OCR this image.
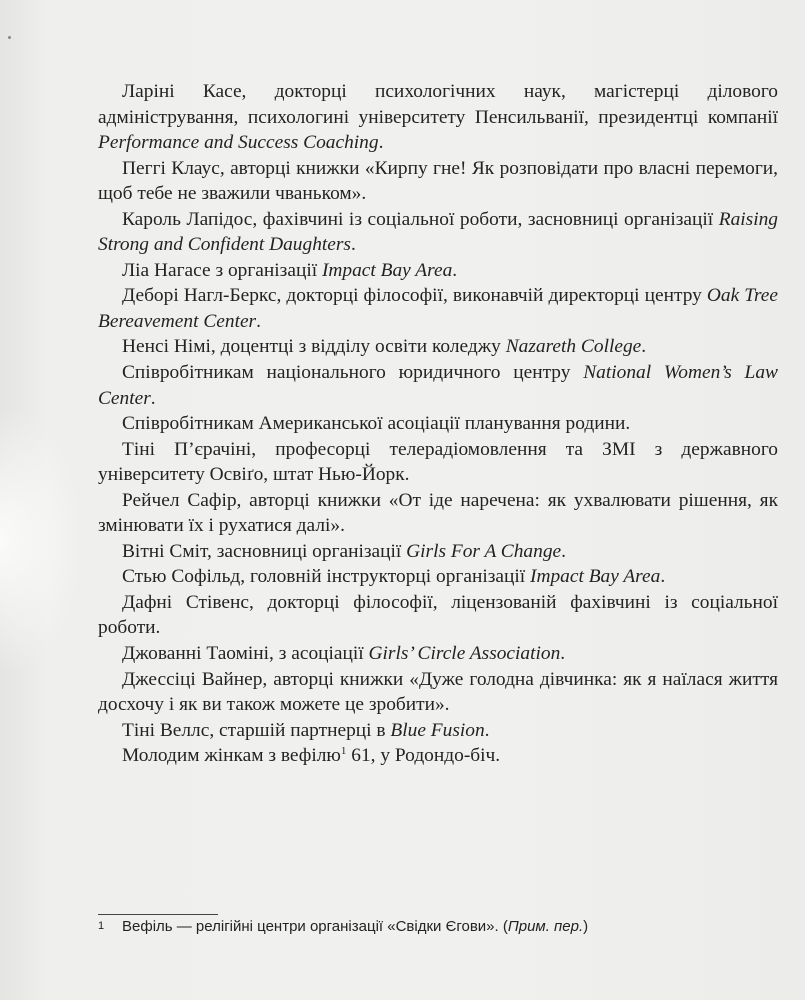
Ларіні Касе, докторці психологічних наук, магістерці ділового адміністрування, психологині університету Пенсильванії, президентці компанії Performance and Success Coaching.

Пеггі Клаус, авторці книжки «Кирпу гне! Як розповідати про власні перемоги, щоб тебе не зважили чваньком».

Кароль Лапідос, фахівчині із соціальної роботи, засновниці організації Raising Strong and Confident Daughters.

Ліа Нагасе з організації Impact Bay Area.

Деборі Нагл-Беркс, докторці філософії, виконавчій директорці центру Oak Tree Bereavement Center.

Ненсі Німі, доцентці з відділу освіти коледжу Nazareth College.

Співробітникам національного юридичного центру National Women’s Law Center.

Співробітникам Американської асоціації планування родини.

Тіні П’єрачіні, професорці телерадіомовлення та ЗМІ з державного університету Освіґо, штат Нью-Йорк.

Рейчел Сафір, авторці книжки «От іде наречена: як ухвалювати рішення, як змінювати їх і рухатися далі».

Вітні Сміт, засновниці організації Girls For A Change.

Стью Софільд, головній інструкторці організації Impact Bay Area.

Дафні Стівенс, докторці філософії, ліцензованій фахівчині із соціальної роботи.

Джованні Таоміні, з асоціації Girls’ Circle Association.

Джессіці Вайнер, авторці книжки «Дуже голодна дівчинка: як я наїлася життя досхочу і як ви також можете це зробити».

Тіні Веллс, старшій партнерці в Blue Fusion.

Молодим жінкам з вефілю$^1$ 61, у Родондо-біч.

1 Вефіль — релігійні центри організації «Свідки Єгови». (Прим. пер.)
